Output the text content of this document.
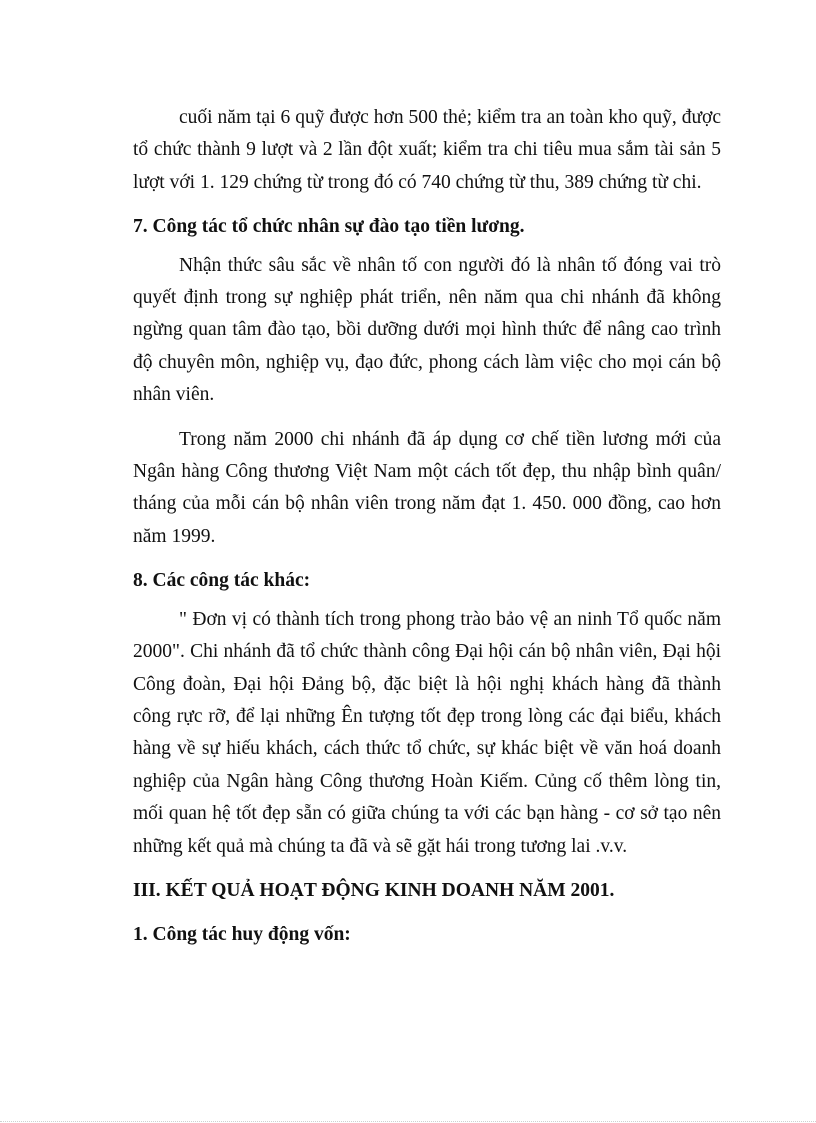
cuối năm tại 6 quỹ được hơn 500 thẻ; kiểm tra an toàn kho quỹ, được tổ chức thành 9 lượt và 2 lần đột xuất; kiểm tra chi tiêu mua sắm tài sản 5 lượt với 1. 129 chứng từ trong đó có 740 chứng từ thu, 389 chứng từ chi.

7. Công tác tổ chức nhân sự đào tạo tiền lương.

Nhận thức sâu sắc về nhân tố con người đó là nhân tố đóng vai trò quyết định trong sự nghiệp phát triển, nên năm qua chi nhánh đã không ngừng quan tâm đào tạo, bồi dưỡng dưới mọi hình thức để nâng cao trình độ chuyên môn, nghiệp vụ, đạo đức, phong cách làm việc cho mọi cán bộ nhân viên.

Trong năm 2000 chi nhánh đã áp dụng cơ chế tiền lương mới của Ngân hàng Công thương Việt Nam một cách tốt đẹp, thu nhập bình quân/ tháng của mỗi cán bộ nhân viên trong năm đạt 1. 450. 000 đồng, cao hơn năm 1999.

8. Các công tác khác:

" Đơn vị có thành tích trong phong trào bảo vệ an ninh Tổ quốc năm 2000". Chi nhánh đã tổ chức thành công Đại hội cán bộ nhân viên, Đại hội Công đoàn, Đại hội Đảng bộ, đặc biệt là hội nghị khách hàng đã thành công rực rỡ, để lại những Ên tượng tốt đẹp trong lòng các đại biểu, khách hàng về sự hiếu khách, cách thức tổ chức, sự khác biệt về văn hoá doanh nghiệp của Ngân hàng Công thương Hoàn Kiếm. Củng cố thêm lòng tin, mối quan hệ tốt đẹp sẵn có giữa chúng ta với các bạn hàng - cơ sở tạo nên những kết quả mà chúng ta đã và sẽ gặt hái trong tương lai .v.v.

III. KẾT QUẢ HOẠT ĐỘNG KINH DOANH NĂM 2001.

1. Công tác huy động vốn:
